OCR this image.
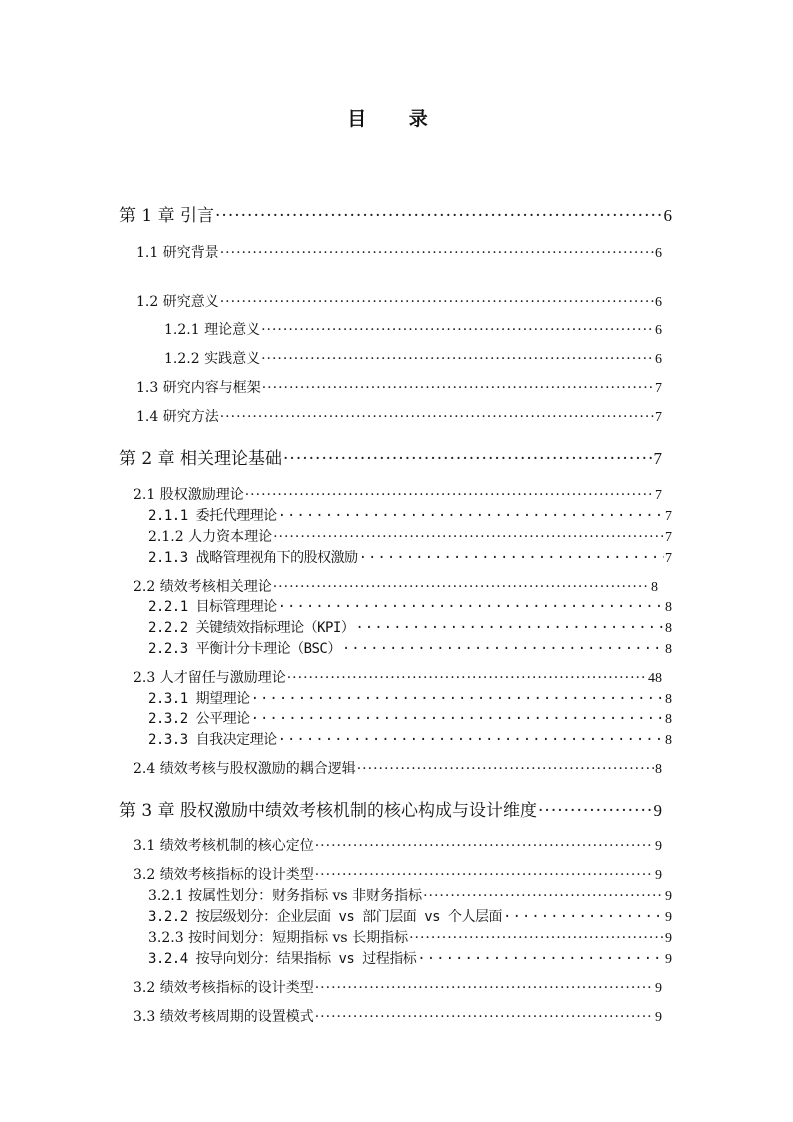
目 录
第 1 章 引言 ·····	6
1.1 研究背景 ·····	6
1.2 研究意义 ·····	6
1.2.1 理论意义 ·····	6
1.2.2 实践意义 ·····	6
1.3 研究内容与框架 ·····	7
1.4 研究方法 ·····	7
第 2 章 相关理论基础 ·····	7
2.1 股权激励理论 ·····	7
2.1.1 委托代理理论 ·····	7
2.1.2 人力资本理论 ·····	7
2.1.3 战略管理视角下的股权激励 ·····	7
2.2 绩效考核相关理论 ·····	8
2.2.1 目标管理理论 ·····	8
2.2.2 关键绩效指标理论（KPI） ·····	8
2.2.3 平衡计分卡理论（BSC） ·····	8
2.3 人才留任与激励理论 ·····	48
2.3.1 期望理论 ·····	8
2.3.2 公平理论 ·····	8
2.3.3 自我决定理论 ·····	8
2.4 绩效考核与股权激励的耦合逻辑 ·····	8
第 3 章 股权激励中绩效考核机制的核心构成与设计维度 ·····	9
3.1 绩效考核机制的核心定位 ·····	9
3.2 绩效考核指标的设计类型 ·····	9
3.2.1 按属性划分：财务指标 vs 非财务指标 ·····	9
3.2.2 按层级划分：企业层面 vs 部门层面 vs 个人层面 ·····	9
3.2.3 按时间划分：短期指标 vs 长期指标 ·····	9
3.2.4 按导向划分：结果指标 vs 过程指标 ·····	9
3.2 绩效考核指标的设计类型 ·····	9
3.3 绩效考核周期的设置模式 ·····	9
